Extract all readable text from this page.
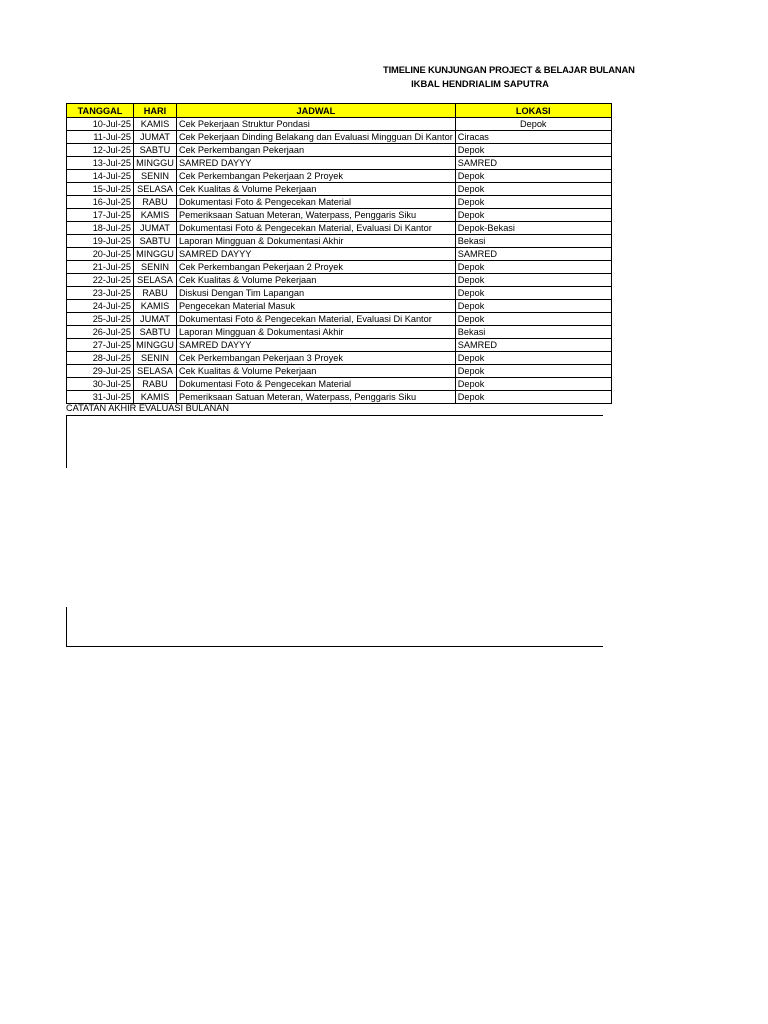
TIMELINE KUNJUNGAN PROJECT & BELAJAR BULANAN
IKBAL HENDRIALIM SAPUTRA
TANGGAL	HARI	JADWAL	LOKASI
10-Jul-25	KAMIS	Cek Pekerjaan Struktur Pondasi	Depok
11-Jul-25	JUMAT	Cek Pekerjaan Dinding Belakang dan Evaluasi Mingguan Di Kantor	Ciracas
12-Jul-25	SABTU	Cek Perkembangan Pekerjaan	Depok
13-Jul-25	MINGGU	SAMRED DAYYY	SAMRED
14-Jul-25	SENIN	Cek Perkembangan Pekerjaan 2 Proyek	Depok
15-Jul-25	SELASA	Cek Kualitas & Volume Pekerjaan	Depok
16-Jul-25	RABU	Dokumentasi Foto & Pengecekan Material	Depok
17-Jul-25	KAMIS	Pemeriksaan Satuan Meteran, Waterpass, Penggaris Siku	Depok
18-Jul-25	JUMAT	Dokumentasi Foto & Pengecekan Material, Evaluasi Di Kantor	Depok-Bekasi
19-Jul-25	SABTU	Laporan Mingguan & Dokumentasi Akhir	Bekasi
20-Jul-25	MINGGU	SAMRED DAYYY	SAMRED
21-Jul-25	SENIN	Cek Perkembangan Pekerjaan 2 Proyek	Depok
22-Jul-25	SELASA	Cek Kualitas & Volume Pekerjaan	Depok
23-Jul-25	RABU	Diskusi Dengan Tim Lapangan	Depok
24-Jul-25	KAMIS	Pengecekan Material Masuk	Depok
25-Jul-25	JUMAT	Dokumentasi Foto & Pengecekan Material, Evaluasi Di Kantor	Depok
26-Jul-25	SABTU	Laporan Mingguan & Dokumentasi Akhir	Bekasi
27-Jul-25	MINGGU	SAMRED DAYYY	SAMRED
28-Jul-25	SENIN	Cek Perkembangan Pekerjaan 3 Proyek	Depok
29-Jul-25	SELASA	Cek Kualitas & Volume Pekerjaan	Depok
30-Jul-25	RABU	Dokumentasi Foto & Pengecekan Material	Depok
31-Jul-25	KAMIS	Pemeriksaan Satuan Meteran, Waterpass, Penggaris Siku	Depok
CATATAN AKHIR EVALUASI BULANAN
